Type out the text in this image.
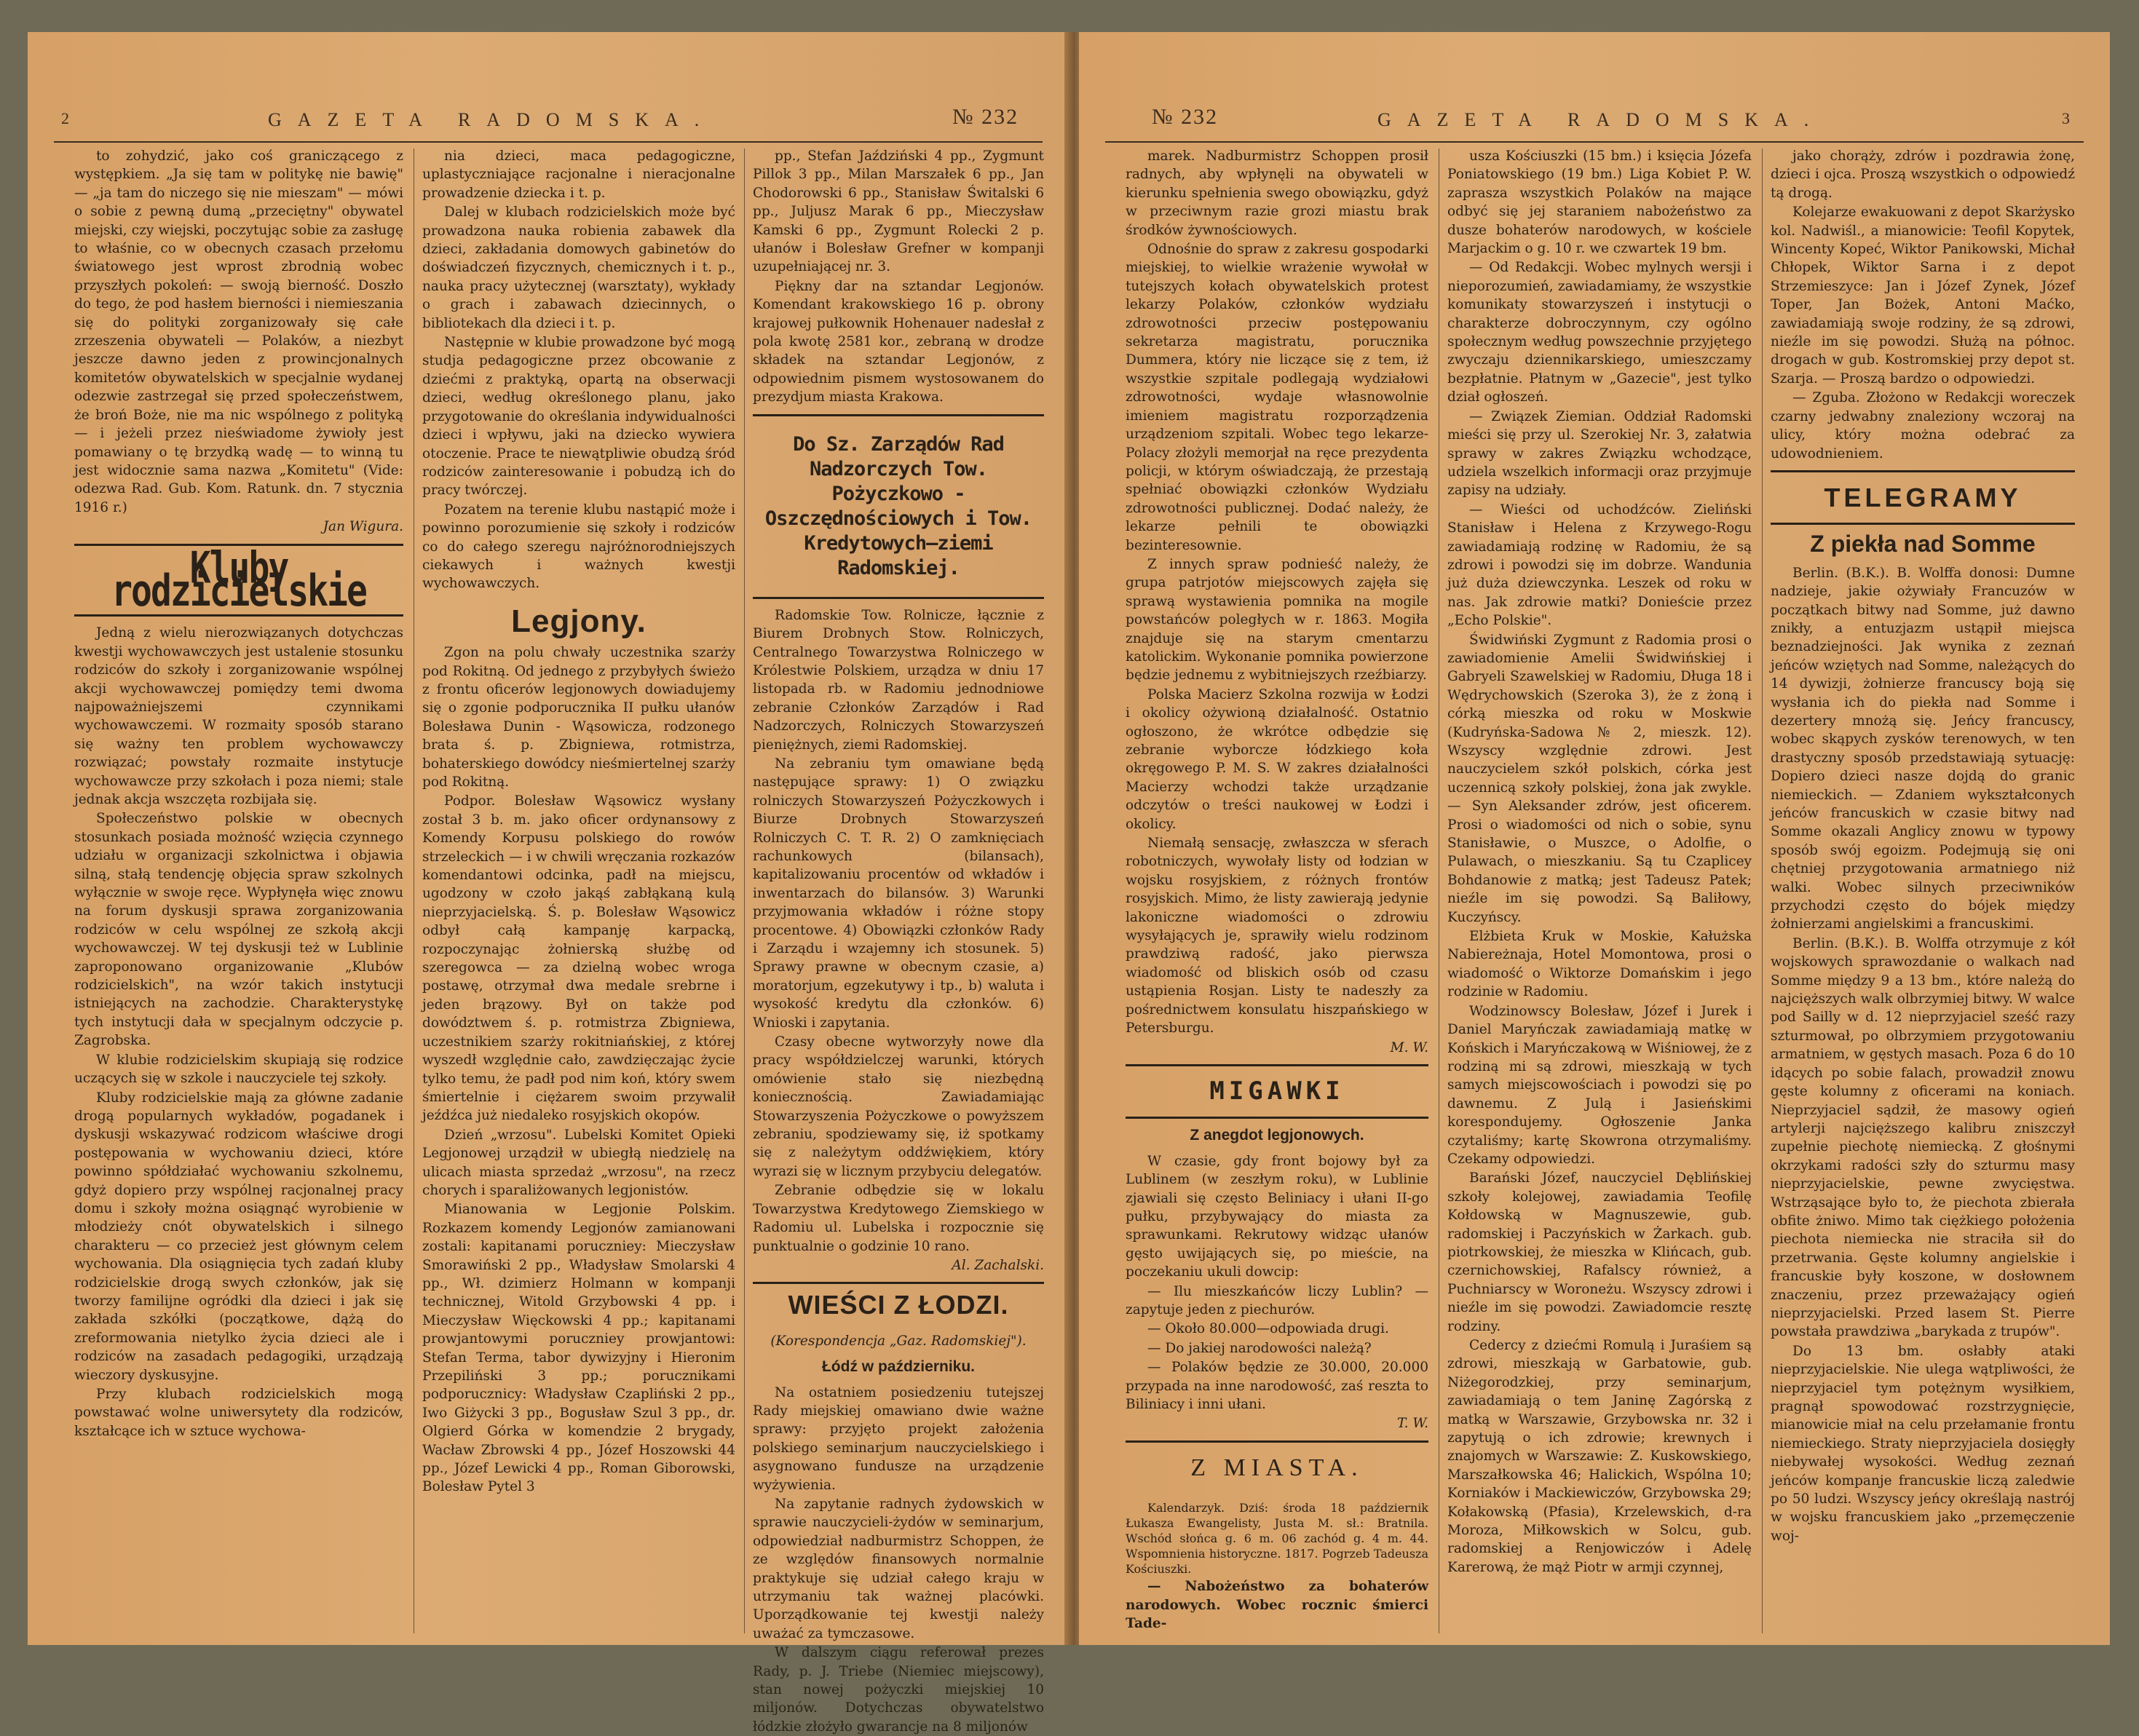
2	GAZETA RADOMSKA.	№ 232

to zohydzić, jako coś graniczącego z występkiem. „Ja się tam w politykę nie bawię" — „ja tam do niczego się nie mieszam" — mówi o sobie z pewną dumą „przeciętny" obywatel miejski, czy wiejski, poczytując sobie za zasługę to właśnie, co w obecnych czasach przełomu światowego jest wprost zbrodnią wobec przyszłych pokoleń: — swoją bierność. Doszło do tego, że pod hasłem bierności i niemieszania się do polityki zorganizowały się całe zrzeszenia obywateli — Polaków, a niezbyt jeszcze dawno jeden z prowincjonalnych komitetów obywatelskich w specjalnie wydanej odezwie zastrzegał się przed społeczeństwem, że broń Boże, nie ma nic wspólnego z polityką — i jeżeli przez nieświadome żywioły jest pomawiany o tę brzydką wadę — to winną tu jest widocznie sama nazwa „Komitetu" (Vide: odezwa Rad. Gub. Kom. Ratunk. dn. 7 stycznia 1916 r.)

Jan Wigura.

Kluby rodzicielskie

Jedną z wielu nierozwiązanych dotychczas kwestji wychowawczych jest ustalenie stosunku rodziców do szkoły i zorganizowanie wspólnej akcji wychowawczej pomiędzy temi dwoma najpoważniejszemi czynnikami wychowawczemi. W rozmaity sposób starano się ważny ten problem wychowawczy rozwiązać; powstały rozmaite instytucje wychowawcze przy szkołach i poza niemi; stale jednak akcja wszczęta rozbijała się.

Społeczeństwo polskie w obecnych stosunkach posiada możność wzięcia czynnego udziału w organizacji szkolnictwa i objawia silną, stałą tendencję objęcia spraw szkolnych wyłącznie w swoje ręce. Wypłynęła więc znowu na forum dyskusji sprawa zorganizowania rodziców w celu wspólnej ze szkołą akcji wychowawczej. W tej dyskusji też w Lublinie zaproponowano organizowanie „Klubów rodzicielskich", na wzór takich instytucji istniejących na zachodzie. Charakterystykę tych instytucji dała w specjalnym odczycie p. Zagrobska.

W klubie rodzicielskim skupiają się rodzice uczących się w szkole i nauczyciele tej szkoły.

Kluby rodzicielskie mają za główne zadanie drogą popularnych wykładów, pogadanek i dyskusji wskazywać rodzicom właściwe drogi postępowania w wychowaniu dzieci, które powinno spółdziałać wychowaniu szkolnemu, gdyż dopiero przy wspólnej racjonalnej pracy domu i szkoły można osiągnąć wyrobienie w młodzieży cnót obywatelskich i silnego charakteru — co przecież jest głównym celem wychowania. Dla osiągnięcia tych zadań kluby rodzicielskie drogą swych członków, jak się tworzy familijne ogródki dla dzieci i jak się zakłada szkółki (początkowe, dążą do zreformowania nietylko życia dzieci ale i rodziców na zasadach pedagogiki, urządzają wieczory dyskusyjne.

Przy klubach rodzicielskich mogą powstawać wolne uniwersytety dla rodziców, kształcące ich w sztuce wychowa-

nia dzieci, maca pedagogiczne, uplastyczniające racjonalne i nieracjonalne prowadzenie dziecka i t. p.

Dalej w klubach rodzicielskich może być prowadzona nauka robienia zabawek dla dzieci, zakładania domowych gabinetów do doświadczeń fizycznych, chemicznych i t. p., nauka pracy użytecznej (warsztaty), wykłady o grach i zabawach dziecinnych, o bibliotekach dla dzieci i t. p.

Następnie w klubie prowadzone być mogą studja pedagogiczne przez obcowanie z dziećmi z praktyką, opartą na obserwacji dzieci, według określonego planu, jako przygotowanie do określania indywidualności dzieci i wpływu, jaki na dziecko wywiera otoczenie. Prace te niewątpliwie obudzą śród rodziców zainteresowanie i pobudzą ich do pracy twórczej.

Pozatem na terenie klubu nastąpić może i powinno porozumienie się szkoły i rodziców co do całego szeregu najróżnorodniejszych ciekawych i ważnych kwestji wychowawczych.

Legjony.

Zgon na polu chwały uczestnika szarży pod Rokitną. Od jednego z przybyłych świeżo z frontu oficerów legjonowych dowiadujemy się o zgonie podporucznika II pułku ułanów Bolesława Dunin - Wąsowicza, rodzonego brata ś. p. Zbigniewa, rotmistrza, bohaterskiego dowódcy nieśmiertelnej szarży pod Rokitną.

Podpor. Bolesław Wąsowicz wysłany został 3 b. m. jako oficer ordynansowy z Komendy Korpusu polskiego do rowów strzeleckich — i w chwili wręczania rozkazów komendantowi odcinka, padł na miejscu, ugodzony w czoło jakąś zabłąkaną kulą nieprzyjacielską. Ś. p. Bolesław Wąsowicz odbył całą kampanję karpacką, rozpoczynając żołnierską służbę od szeregowca — za dzielną wobec wroga postawę, otrzymał dwa medale srebrne i jeden brązowy. Był on także pod dowództwem ś. p. rotmistrza Zbigniewa, uczestnikiem szarży rokitniańskiej, z której wyszedł względnie cało, zawdzięczając życie tylko temu, że padł pod nim koń, który swem śmiertelnie i ciężarem swoim przywalił jeźdźca już niedaleko rosyjskich okopów.

Dzień „wrzosu". Lubelski Komitet Opieki Legjonowej urządził w ubiegłą niedzielę na ulicach miasta sprzedaż „wrzosu", na rzecz chorych i sparaliżowanych legjonistów.

Mianowania w Legjonie Polskim. Rozkazem komendy Legjonów zamianowani zostali: kapitanami poruczniey: Mieczysław Smorawiński 2 pp., Władysław Smolarski 4 pp., Wł. dzimierz Holmann w kompanji technicznej, Witold Grzybowski 4 pp. i Mieczysław Więckowski 4 pp.; kapitanami prowjantowymi poruczniey prowjantowi: Stefan Terma, tabor dywizyjny i Hieronim Przepiliński 3 pp.; porucznikami podporucznicy: Władysław Czapliński 2 pp., Iwo Giżycki 3 pp., Bogusław Szul 3 pp., dr. Olgierd Górka w komendzie 2 brygady, Wacław Zbrowski 4 pp., Józef Hoszowski 44 pp., Józef Lewicki 4 pp., Roman Giborowski, Bolesław Pytel 3

pp., Stefan Jaździński 4 pp., Zygmunt Pillok 3 pp., Milan Marszałek 6 pp., Jan Chodorowski 6 pp., Stanisław Świtalski 6 pp., Juljusz Marak 6 pp., Mieczysław Kamski 6 pp., Zygmunt Rolecki 2 p. ułanów i Bolesław Grefner w kompanji uzupełniającej nr. 3.

Piękny dar na sztandar Legjonów. Komendant krakowskiego 16 p. obrony krajowej pułkownik Hohenauer nadesłał z pola kwotę 2581 kor., zebraną w drodze składek na sztandar Legjonów, z odpowiednim pismem wystosowanem do prezydjum miasta Krakowa.

Do Sz. Zarządów Rad Nadzorczych Tow. Pożyczkowo - Oszczędnościowych i Tow. Kredytowych—ziemi Radomskiej.

Radomskie Tow. Rolnicze, łącznie z Biurem Drobnych Stow. Rolniczych, Centralnego Towarzystwa Rolniczego w Królestwie Polskiem, urządza w dniu 17 listopada rb. w Radomiu jednodniowe zebranie Członków Zarządów i Rad Nadzorczych, Rolniczych Stowarzyszeń pieniężnych, ziemi Radomskiej.

Na zebraniu tym omawiane będą następujące sprawy: 1) O związku rolniczych Stowarzyszeń Pożyczkowych i Biurze Drobnych Stowarzyszeń Rolniczych C. T. R. 2) O zamknięciach rachunkowych (bilansach), kapitalizowaniu procentów od wkładów i inwentarzach do bilansów. 3) Warunki przyjmowania wkładów i różne stopy procentowe. 4) Obowiązki członków Rady i Zarządu i wzajemny ich stosunek. 5) Sprawy prawne w obecnym czasie, a) moratorjum, egzekutywy i tp., b) waluta i wysokość kredytu dla członków. 6) Wnioski i zapytania.

Czasy obecne wytworzyły nowe dla pracy współdzielczej warunki, których omówienie stało się niezbędną koniecznością. Zawiadamiając Stowarzyszenia Pożyczkowe o powyższem zebraniu, spodziewamy się, iż spotkamy się z należytym oddźwiękiem, który wyrazi się w licznym przybyciu delegatów.

Zebranie odbędzie się w lokalu Towarzystwa Kredytowego Ziemskiego w Radomiu ul. Lubelska i rozpocznie się punktualnie o godzinie 10 rano.

Al. Zachalski.

WIEŚCI Z ŁODZI.

(Korespondencja „Gaz. Radomskiej").

Łódź w październiku.

Na ostatniem posiedzeniu tutejszej Rady miejskiej omawiano dwie ważne sprawy: przyjęto projekt założenia polskiego seminarjum nauczycielskiego i asygnowano fundusze na urządzenie wyżywienia.

Na zapytanie radnych żydowskich w sprawie nauczycieli-żydów w seminarjum, odpowiedział nadburmistrz Schoppen, że ze względów finansowych normalnie praktykuje się udział całego kraju w utrzymaniu tak ważnej placówki. Uporządkowanie tej kwestji należy uważać za tymczasowe.

W dalszym ciągu referował prezes Rady, p. J. Triebe (Niemiec miejscowy), stan nowej pożyczki miejskiej 10 miljonów. Dotychczas obywatelstwo łódzkie złożyło gwarancje na 8 miljonów

№ 232	GAZETA RADOMSKA.	3

marek. Nadburmistrz Schoppen prosił radnych, aby wpłynęli na obywateli w kierunku spełnienia swego obowiązku, gdyż w przeciwnym razie grozi miastu brak środków żywnościowych.

Odnośnie do spraw z zakresu gospodarki miejskiej, to wielkie wrażenie wywołał w tutejszych kołach obywatelskich protest lekarzy Polaków, członków wydziału zdrowotności przeciw postępowaniu sekretarza magistratu, porucznika Dummera, który nie liczące się z tem, iż wszystkie szpitale podlegają wydziałowi zdrowotności, wydaje własnowolnie imieniem magistratu rozporządzenia urządzeniom szpitali. Wobec tego lekarze-Polacy złożyli memorjał na ręce prezydenta policji, w którym oświadczają, że przestają spełniać obowiązki członków Wydziału zdrowotności publicznej. Dodać należy, że lekarze pełnili te obowiązki bezinteresownie.

Z innych spraw podnieść należy, że grupa patrjotów miejscowych zajęła się sprawą wystawienia pomnika na mogile powstańców poległych w r. 1863. Mogiła znajduje się na starym cmentarzu katolickim. Wykonanie pomnika powierzone będzie jednemu z wybitniejszych rzeźbiarzy.

Polska Macierz Szkolna rozwija w Łodzi i okolicy ożywioną działalność. Ostatnio ogłoszono, że wkrótce odbędzie się zebranie wyborcze łódzkiego koła okręgowego P. M. S. W zakres działalności Macierzy wchodzi także urządzanie odczytów o treści naukowej w Łodzi i okolicy.

Niemałą sensację, zwłaszcza w sferach robotniczych, wywołały listy od łodzian w wojsku rosyjskiem, z różnych frontów rosyjskich. Mimo, że listy zawierają jedynie lakoniczne wiadomości o zdrowiu wysyłających je, sprawiły wielu rodzinom prawdziwą radość, jako pierwsza wiadomość od bliskich osób od czasu ustąpienia Rosjan. Listy te nadeszły za pośrednictwem konsulatu hiszpańskiego w Petersburgu.

M. W.

MIGAWKI

Z anegdot legjonowych.

W czasie, gdy front bojowy był za Lublinem (w zeszłym roku), w Lublinie zjawiali się często Beliniacy i ułani II-go pułku, przybywający do miasta za sprawunkami. Rekrutowy widząc ułanów gęsto uwijających się, po mieście, na poczekaniu ukuli dowcip:

— Ilu mieszkańców liczy Lublin? — zapytuje jeden z piechurów.

— Około 80.000—odpowiada drugi.

— Do jakiej narodowości należą?

— Polaków będzie ze 30.000, 20.000 przypada na inne narodowość, zaś reszta to Biliniacy i inni ułani.

T. W.

Z MIASTA.

Kalendarzyk. Dziś: środa 18 październik Łukasza Ewangelisty, Justa M. sł.: Bratnila. Wschód słońca g. 6 m. 06 zachód g. 4 m. 44. Wspomnienia historyczne. 1817. Pogrzeb Tadeusza Kościuszki.

— Nabożeństwo za bohaterów narodowych. Wobec rocznic śmierci Tade-

usza Kościuszki (15 bm.) i księcia Józefa Poniatowskiego (19 bm.) Liga Kobiet P. W. zaprasza wszystkich Polaków na mające odbyć się jej staraniem nabożeństwo za dusze bohaterów narodowych, w kościele Marjackim o g. 10 r. we czwartek 19 bm.

— Od Redakcji. Wobec mylnych wersji i nieporozumień, zawiadamiamy, że wszystkie komunikaty stowarzyszeń i instytucji o charakterze dobroczynnym, czy ogólno społecznym według powszechnie przyjętego zwyczaju dziennikarskiego, umieszczamy bezpłatnie. Płatnym w „Gazecie", jest tylko dział ogłoszeń.

— Związek Ziemian. Oddział Radomski mieści się przy ul. Szerokiej Nr. 3, załatwia sprawy w zakres Związku wchodzące, udziela wszelkich informacji oraz przyjmuje zapisy na udziały.

— Wieści od uchodźców. Zieliński Stanisław i Helena z Krzywego-Rogu zawiadamiają rodzinę w Radomiu, że są zdrowi i powodzi się im dobrze. Wandunia już duża dziewczynka. Leszek od roku w nas. Jak zdrowie matki? Donieście przez „Echo Polskie".

Świdwiński Zygmunt z Radomia prosi o zawiadomienie Amelii Świdwińskiej i Gabryeli Szawelskiej w Radomiu, Długa 18 i Wędrychowskich (Szeroka 3), że z żoną i córką mieszka od roku w Moskwie (Kudryńska-Sadowa № 2, mieszk. 12). Wszyscy względnie zdrowi. Jest nauczycielem szkół polskich, córka jest uczennicą szkoły polskiej, żona jak zwykle. — Syn Aleksander zdrów, jest oficerem. Prosi o wiadomości od nich o sobie, synu Stanisławie, o Muszce, o Adolfie, o Pulawach, o mieszkaniu. Są tu Czaplicey Bohdanowie z matką; jest Tadeusz Patek; nieźle im się powodzi. Są Baliłowy, Kuczyńscy.

Elżbieta Kruk w Moskie, Kałużska Nabiereżnaja, Hotel Momontowa, prosi o wiadomość o Wiktorze Domańskim i jego rodzinie w Radomiu.

Wodzinowscy Bolesław, Józef i Jurek i Daniel Maryńczak zawiadamiają matkę w Końskich i Maryńczakową w Wiśniowej, że z rodziną mi są zdrowi, mieszkają w tych samych miejscowościach i powodzi się po dawnemu. Z Julą i Jasieńskimi korespondujemy. Ogłoszenie Janka czytaliśmy; kartę Skowrona otrzymaliśmy. Czekamy odpowiedzi.

Barański Józef, nauczyciel Dęblińskiej szkoły kolejowej, zawiadamia Teofilę Kołdowską w Magnuszewie, gub. radomskiej i Paczyńskich w Żarkach. gub. piotrkowskiej, że mieszka w Klińcach, gub. czernichowskiej, Rafalscy również, a Puchniarscy w Woroneżu. Wszyscy zdrowi i nieźle im się powodzi. Zawiadomcie resztę rodziny.

Cedercy z dziećmi Romulą i Juraśiem są zdrowi, mieszkają w Garbatowie, gub. Niżegorodzkiej, przy seminarjum, zawiadamiają o tem Janinę Zagórską z matką w Warszawie, Grzybowska nr. 32 i zapytują o ich zdrowie; krewnych i znajomych w Warszawie: Z. Kuskowskiego, Marszałkowska 46; Halickich, Wspólna 10; Korniaków i Mackiewiczów, Grzybowska 29; Kołakowską (Pfasia), Krzelewskich, d-ra Moroza, Miłkowskich w Solcu, gub. radomskiej a Renjowiczów i Adelę Karerową, że mąż Piotr w armji czynnej,

jako chorąży, zdrów i pozdrawia żonę, dzieci i ojca. Proszą wszystkich o odpowiedź tą drogą.

Kolejarze ewakuowani z depot Skarżysko kol. Nadwiśl., a mianowicie: Teofil Kopytek, Wincenty Kopeć, Wiktor Panikowski, Michał Chłopek, Wiktor Sarna i z depot Strzemieszyce: Jan i Józef Zynek, Józef Toper, Jan Bożek, Antoni Maćko, zawiadamiają swoje rodziny, że są zdrowi, nieźle im się powodzi. Służą na północ. drogach w gub. Kostromskiej przy depot st. Szarja. — Proszą bardzo o odpowiedzi.

— Zguba. Złożono w Redakcji woreczek czarny jedwabny znaleziony wczoraj na ulicy, który można odebrać za udowodnieniem.

TELEGRAMY

Z piekła nad Somme

Berlin. (B.K.). B. Wolffa donosi: Dumne nadzieje, jakie ożywiały Francuzów w początkach bitwy nad Somme, już dawno znikły, a entuzjazm ustąpił miejsca beznadziejności. Jak wynika z zeznań jeńców wziętych nad Somme, należących do 14 dywizji, żołnierze francuscy boją się wysłania ich do piekła nad Somme i dezertery mnożą się. Jeńcy francuscy, wobec skąpych zysków terenowych, w ten drastyczny sposób przedstawiają sytuację: Dopiero dzieci nasze dojdą do granic niemieckich. — Zdaniem wykształconych jeńców francuskich w czasie bitwy nad Somme okazali Anglicy znowu w typowy sposób swój egoizm. Podejmują się oni chętniej przygotowania armatniego niż walki. Wobec silnych przeciwników przychodzi często do bójek między żołnierzami angielskimi a francuskimi.

Berlin. (B.K.). B. Wolffa otrzymuje z kół wojskowych sprawozdanie o walkach nad Somme między 9 a 13 bm., które należą do najcięższych walk olbrzymiej bitwy. W walce pod Sailly w d. 12 nieprzyjaciel sześć razy szturmował, po olbrzymiem przygotowaniu armatniem, w gęstych masach. Poza 6 do 10 idących po sobie falach, prowadził znowu gęste kolumny z oficerami na koniach. Nieprzyjaciel sądził, że masowy ogień artylerji najcięższego kalibru zniszczył zupełnie piechotę niemiecką. Z głośnymi okrzykami radości szły do szturmu masy nieprzyjacielskie, pewne zwycięstwa. Wstrząsające było to, że piechota zbierała obfite żniwo. Mimo tak ciężkiego położenia piechota niemiecka nie straciła sił do przetrwania. Gęste kolumny angielskie i francuskie były koszone, w dosłownem znaczeniu, przez przeważający ogień nieprzyjacielski. Przed lasem St. Pierre powstała prawdziwa „barykada z trupów".

Do 13 bm. osłabły ataki nieprzyjacielskie. Nie ulega wątpliwości, że nieprzyjaciel tym potężnym wysiłkiem, pragnął spowodować rozstrzygnięcie, mianowicie miał na celu przełamanie frontu niemieckiego. Straty nieprzyjaciela dosięgły niebywałej wysokości. Według zeznań jeńców kompanje francuskie liczą zaledwie po 50 ludzi. Wszyscy jeńcy określają nastrój w wojsku francuskiem jako „przemęczenie woj-
